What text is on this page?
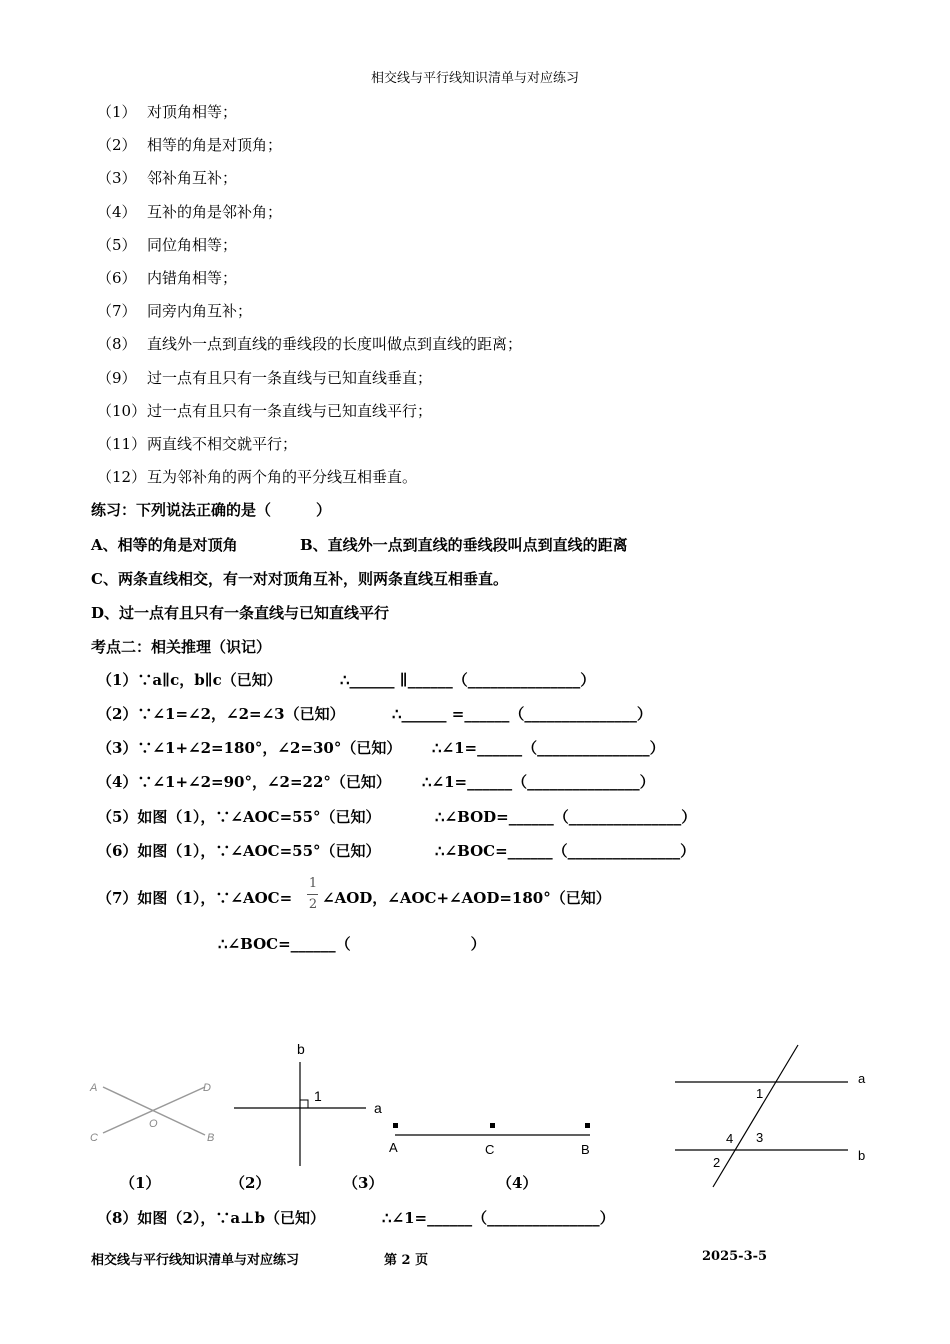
相交线与平行线知识清单与对应练习
（1） 对顶角相等；
（2） 相等的角是对顶角；
（3） 邻补角互补；
（4） 互补的角是邻补角；
（5） 同位角相等；
（6） 内错角相等；
（7） 同旁内角互补；
（8） 直线外一点到直线的垂线段的长度叫做点到直线的距离；
（9） 过一点有且只有一条直线与已知直线垂直；
（10）过一点有且只有一条直线与已知直线平行；
（11）两直线不相交就平行；
（12）互为邻补角的两个角的平分线互相垂直。
练习：下列说法正确的是（　　　）
A、相等的角是对顶角	B、直线外一点到直线的垂线段叫点到直线的距离
C、两条直线相交，有一对对顶角互补，则两条直线互相垂直。
D、过一点有且只有一条直线与已知直线平行
考点二：相关推理（识记）
（1）∵a∥c，b∥c（已知）	∴______ ∥______（_______________）
（2）∵∠1=∠2，∠2=∠3（已知）	∴______ =______（_______________）
（3）∵∠1+∠2=180°，∠2=30°（已知） ∴∠1=______（_______________）
（4）∵∠1+∠2=90°，∠2=22°（已知） ∴∠1=______（_______________）
（5）如图（1），∵∠AOC=55°（已知）	∴∠BOD=______（_______________）
（6）如图（1），∵∠AOC=55°（已知）	∴∠BOC=______（_______________）
（7）如图（1），∵∠AOC=
1
2 ∠AOD，∠AOC+∠AOD=180°（已知）
∴∠BOC=______（　　　　　　　　）
A	D
O
C	B
b
1
a
A	C	B
a
1
4 3
2	b
（1）	（2）	（3）	（4）
（8）如图（2），∵a⊥b（已知）	∴∠1=______（_______________）
相交线与平行线知识清单与对应练习	第 2 页	2025-3-5
